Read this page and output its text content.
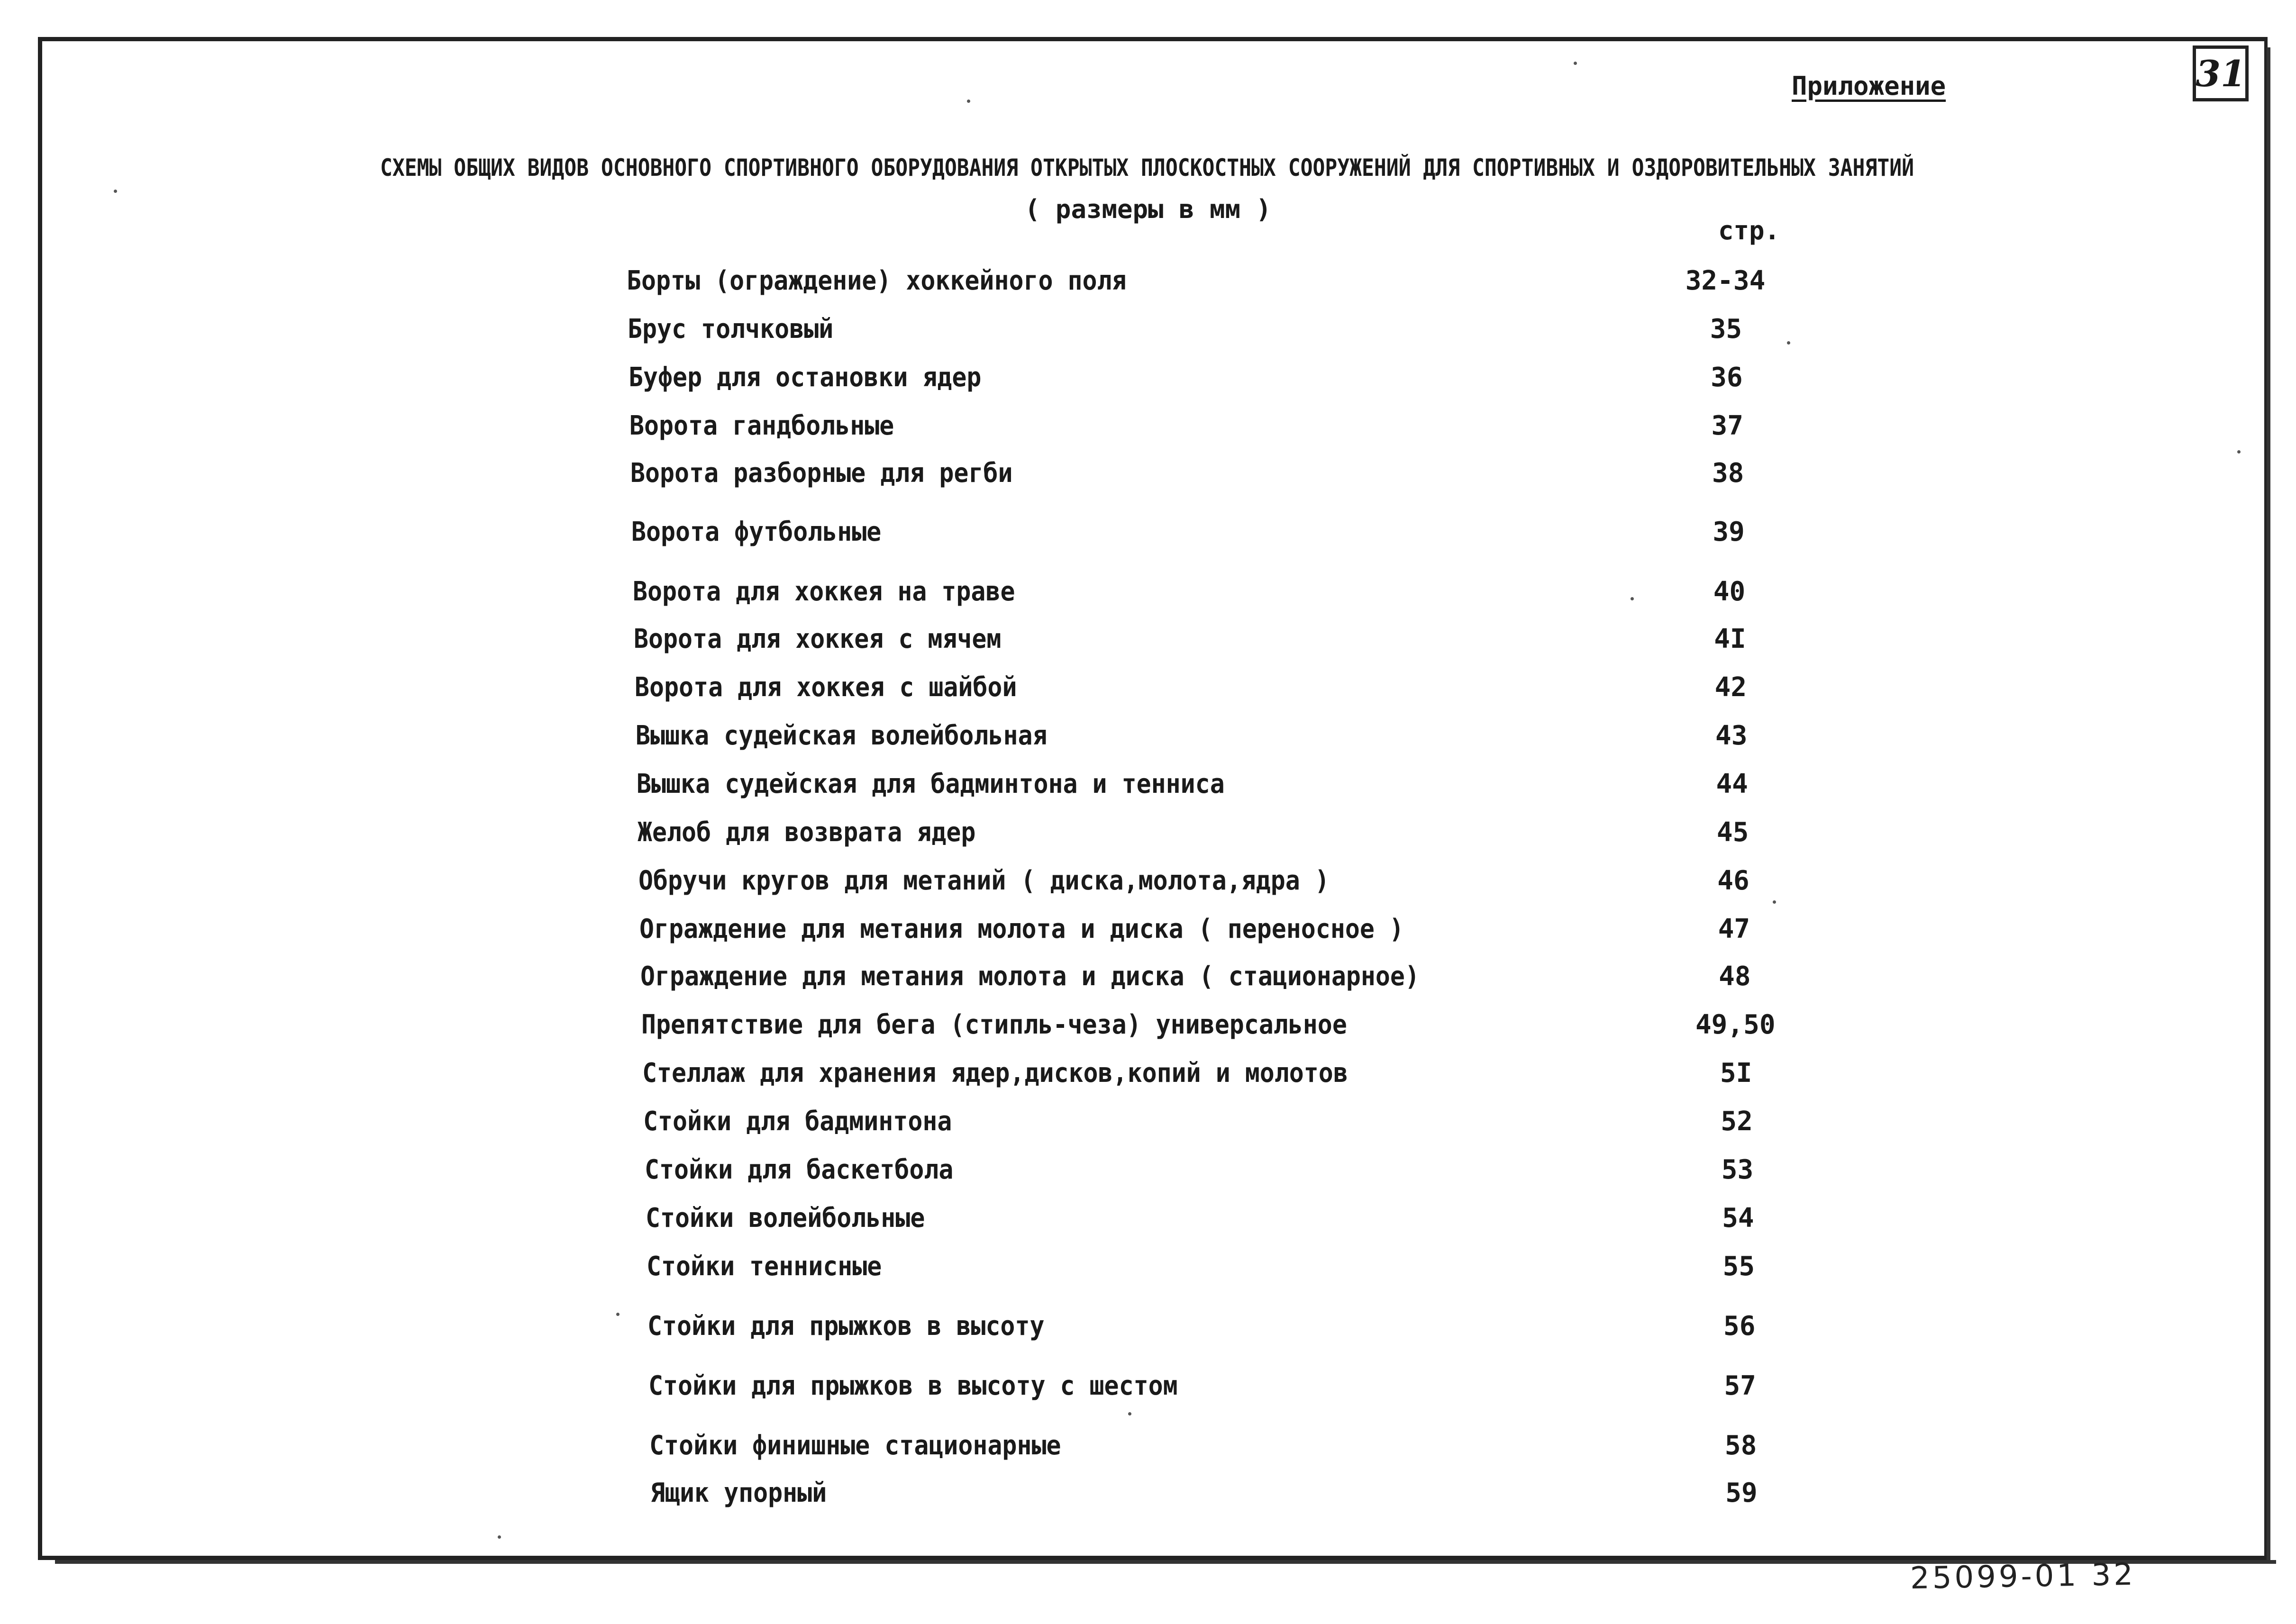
31
Приложение
СХЕМЫ ОБЩИХ ВИДОВ ОСНОВНОГО СПОРТИВНОГО ОБОРУДОВАНИЯ ОТКРЫТЫХ ПЛОСКОСТНЫХ СООРУЖЕНИЙ ДЛЯ СПОРТИВНЫХ И ОЗДОРОВИТЕЛЬНЫХ ЗАНЯТИЙ
( размеры в мм )
стр.
Борты (ограждение) хоккейного поля	32-34
Брус толчковый	35
Буфер для остановки ядер	36
Ворота гандбольные	37
Ворота разборные для регби	38
Ворота футбольные	39
Ворота для хоккея на траве	40
Ворота для хоккея с мячем	4I
Ворота для хоккея с шайбой	42
Вышка судейская волейбольная	43
Вышка судейская для бадминтона и тенниса	44
Желоб для возврата ядер	45
Обручи кругов для метаний ( диска,молота,ядра )	46
Ограждение для метания молота и диска ( переносное )	47
Ограждение для метания молота и диска ( стационарное)	48
Препятствие для бега (стипль-чеза) универсальное	49,50
Стеллаж для хранения ядер,дисков,копий и молотов	5I
Стойки для бадминтона	52
Стойки для баскетбола	53
Стойки волейбольные	54
Стойки теннисные	55
Стойки для прыжков в высоту	56
Стойки для прыжков в высоту с шестом	57
Стойки финишные стационарные	58
Ящик упорный	59
25099-01 32
